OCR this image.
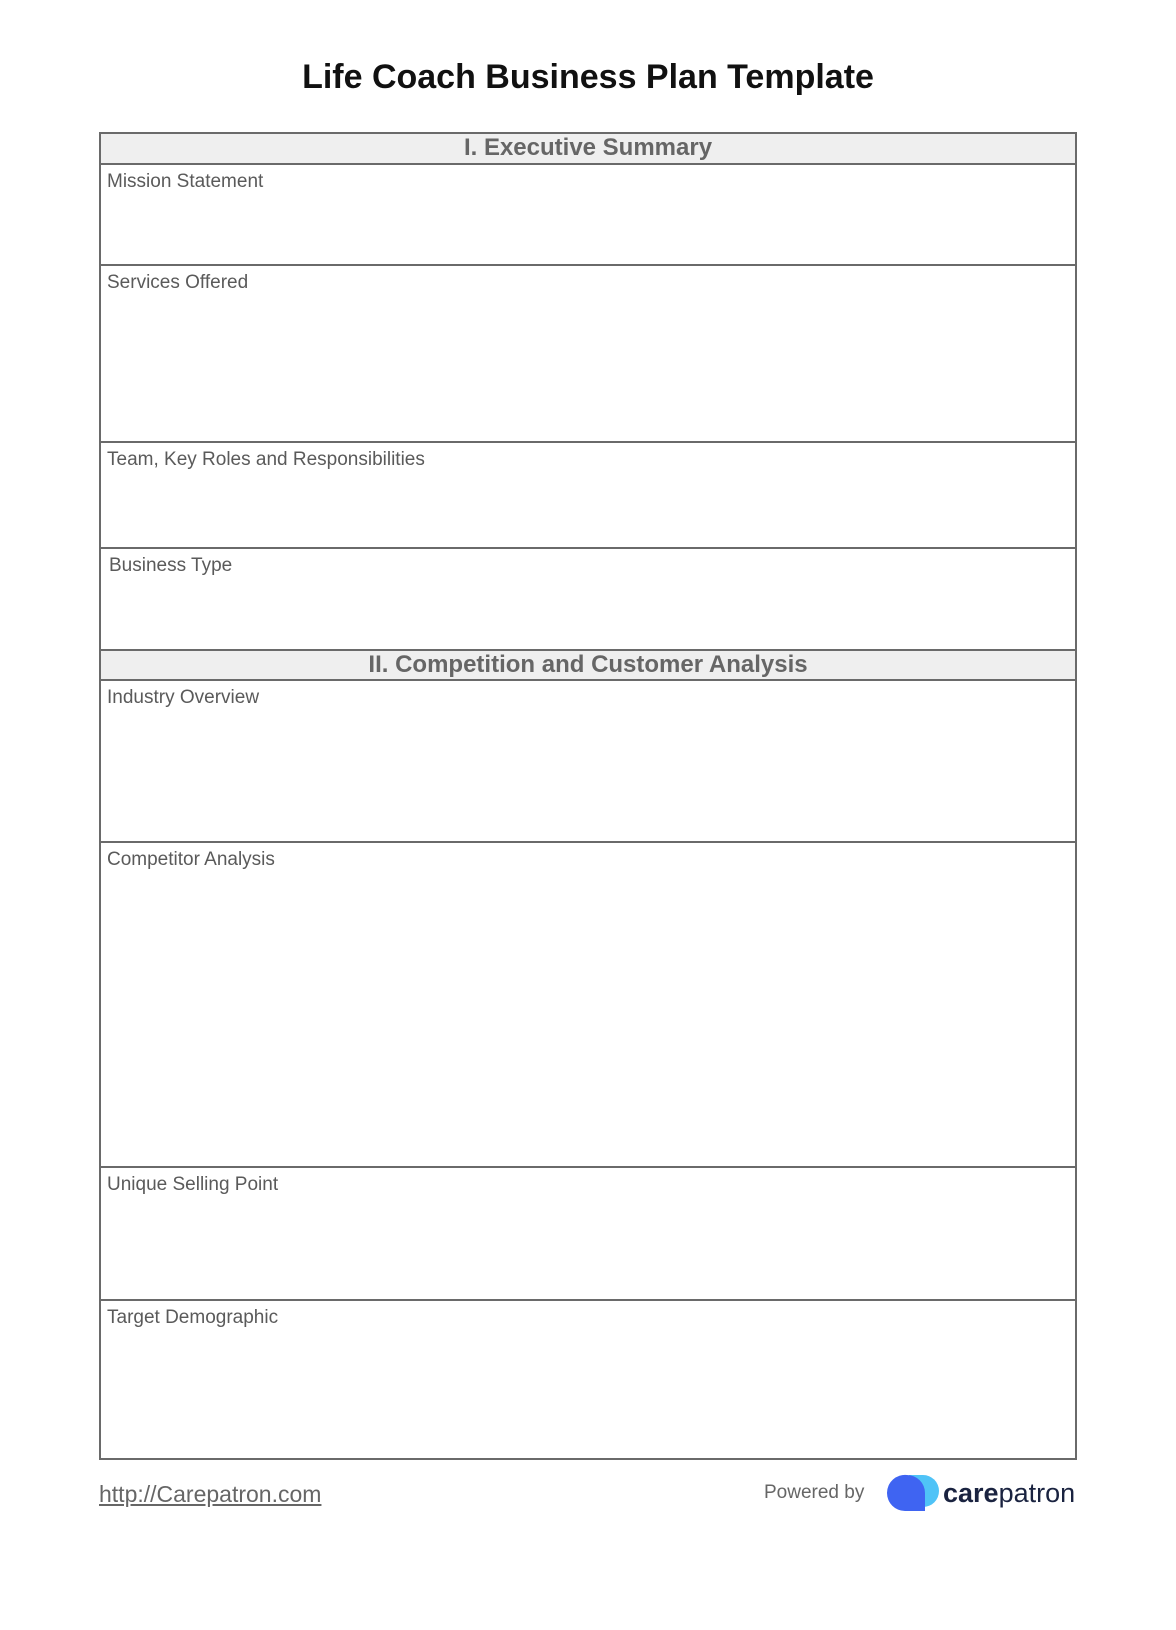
Life Coach Business Plan Template
I. Executive Summary
Mission Statement
Services Offered
Team, Key Roles and Responsibilities
Business Type
II. Competition and Customer Analysis
Industry Overview
Competitor Analysis
Unique Selling Point
Target Demographic
http://Carepatron.com	Powered by	carepatron
